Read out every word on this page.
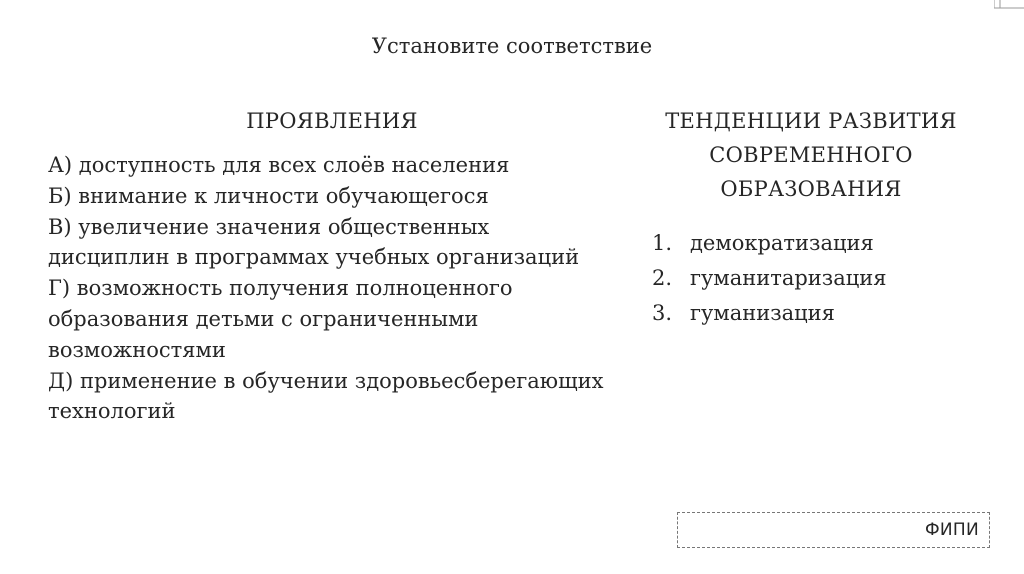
Установите соответствие
ПРОЯВЛЕНИЯ
А) доступность для всех слоёв населения
Б) внимание к личности обучающегося
В) увеличение значения общественных дисциплин в программах учебных организаций
Г) возможность получения полноценного образования детьми с ограниченными возможностями
Д) применение в обучении здоровьесберегающих технологий
ТЕНДЕНЦИИ РАЗВИТИЯ СОВРЕМЕННОГО ОБРАЗОВАНИЯ
1. демократизация
2. гуманитаризация
3. гуманизация
ФИПИ
